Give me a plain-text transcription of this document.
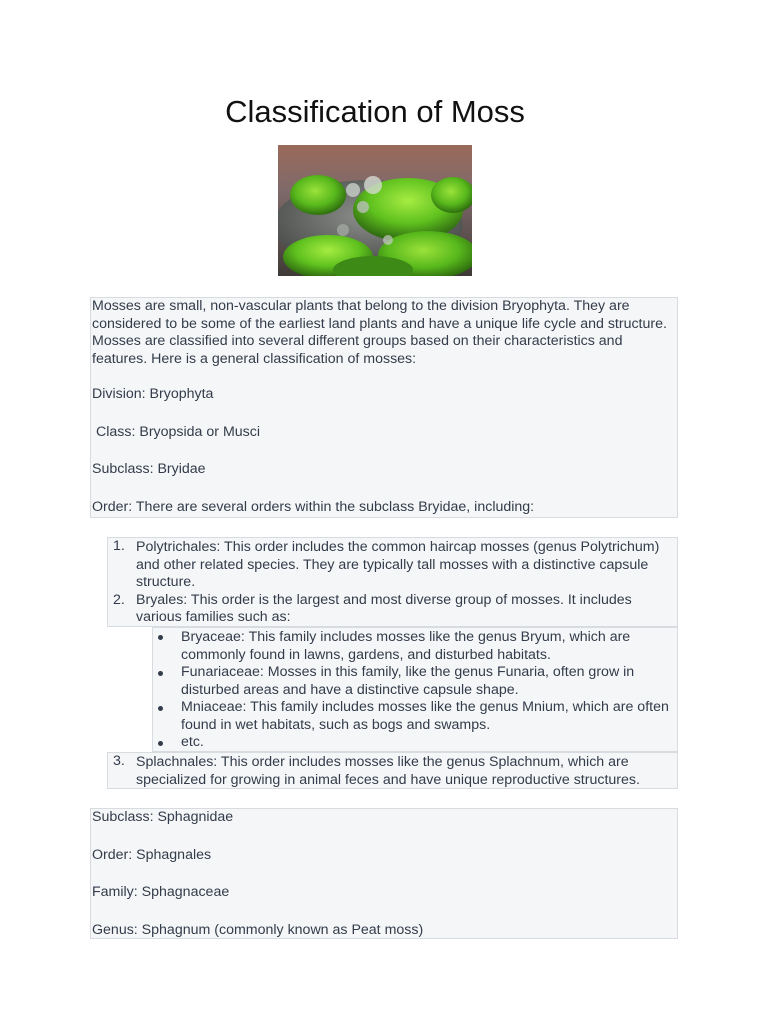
Classification of Moss

Mosses are small, non-vascular plants that belong to the division Bryophyta. They are considered to be some of the earliest land plants and have a unique life cycle and structure. Mosses are classified into several different groups based on their characteristics and features. Here is a general classification of mosses:

Division: Bryophyta

Class: Bryopsida or Musci

Subclass: Bryidae

Order: There are several orders within the subclass Bryidae, including:

1. Polytrichales: This order includes the common haircap mosses (genus Polytrichum) and other related species. They are typically tall mosses with a distinctive capsule structure.
2. Bryales: This order is the largest and most diverse group of mosses. It includes various families such as:
Bryaceae: This family includes mosses like the genus Bryum, which are commonly found in lawns, gardens, and disturbed habitats.
Funariaceae: Mosses in this family, like the genus Funaria, often grow in disturbed areas and have a distinctive capsule shape.
Mniaceae: This family includes mosses like the genus Mnium, which are often found in wet habitats, such as bogs and swamps.
etc.
3. Splachnales: This order includes mosses like the genus Splachnum, which are specialized for growing in animal feces and have unique reproductive structures.

Subclass: Sphagnidae

Order: Sphagnales

Family: Sphagnaceae

Genus: Sphagnum (commonly known as Peat moss)
